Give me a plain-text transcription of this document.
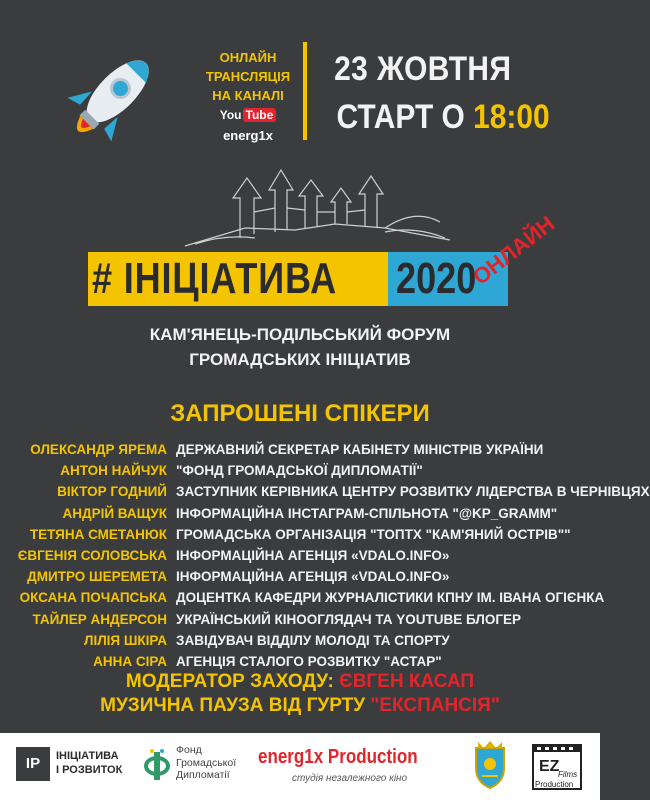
ОНЛАЙН
ТРАНСЛЯЦІЯ
НА КАНАЛІ
You Tube energ1x
23 ЖОВТНЯ
СТАРТ О 18:00
# ІНІЦІАТИВА 2020
ОНЛАЙН
КАМ'ЯНЕЦЬ-ПОДІЛЬСЬКИЙ ФОРУМ
ГРОМАДСЬКИХ ІНІЦІАТИВ
ЗАПРОШЕНІ СПІКЕРИ
ОЛЕКСАНДР ЯРЕМА ДЕРЖАВНИЙ СЕКРЕТАР КАБІНЕТУ МІНІСТРІВ УКРАЇНИ
АНТОН НАЙЧУК "ФОНД ГРОМАДСЬКОЇ ДИПЛОМАТІЇ"
ВІКТОР ГОДНИЙ ЗАСТУПНИК КЕРІВНИКА ЦЕНТРУ РОЗВИТКУ ЛІДЕРСТВА В ЧЕРНІВЦЯХ
АНДРІЙ ВАЩУК ІНФОРМАЦІЙНА ІНСТАГРАМ-СПІЛЬНОТА "@KP_GRAMM"
ТЕТЯНА СМЕТАНЮК ГРОМАДСЬКА ОРГАНІЗАЦІЯ "ТОПТХ "КАМ'ЯНИЙ ОСТРІВ""
ЄВГЕНІЯ СОЛОВСЬКА ІНФОРМАЦІЙНА АГЕНЦІЯ «VDALO.INFO»
ДМИТРО ШЕРЕМЕТА ІНФОРМАЦІЙНА АГЕНЦІЯ «VDALO.INFO»
ОКСАНА ПОЧАПСЬКА ДОЦЕНТКА КАФЕДРИ ЖУРНАЛІСТИКИ КПНУ ІМ. ІВАНА ОГІЄНКА
ТАЙЛЕР АНДЕРСОН УКРАЇНСЬКИЙ КІНООГЛЯДАЧ ТА YOUTUBE БЛОГЕР
ЛІЛІЯ ШКІРА ЗАВІДУВАЧ ВІДДІЛУ МОЛОДІ ТА СПОРТУ
АННА СІРА АГЕНЦІЯ СТАЛОГО РОЗВИТКУ "АСТАР"
МОДЕРАТОР ЗАХОДУ: ЄВГЕН КАСАП
МУЗИЧНА ПАУЗА ВІД ГУРТУ "ЕКСПАНСІЯ"
IP	ІНІЦІАТИВА
І РОЗВИТОК
Фонд
Громадської
Дипломатії
energ1x Production
студія незалежного кіно
EZ
Films
Production
